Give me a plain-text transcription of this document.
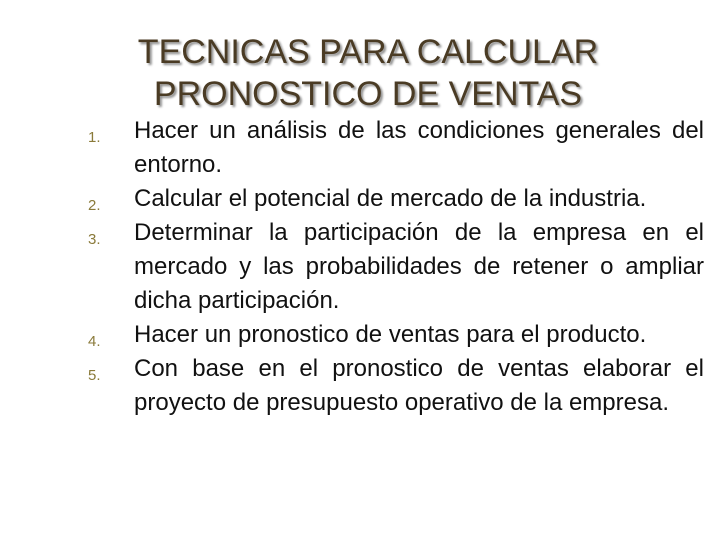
TECNICAS PARA CALCULAR
PRONOSTICO DE VENTAS
1. Hacer un análisis de las condiciones generales del entorno.
2. Calcular el potencial de mercado de la industria.
3. Determinar la participación de la empresa en el mercado y las probabilidades de retener o ampliar dicha participación.
4. Hacer un pronostico de ventas para el producto.
5. Con base en el pronostico de ventas elaborar el proyecto de presupuesto operativo de la empresa.
